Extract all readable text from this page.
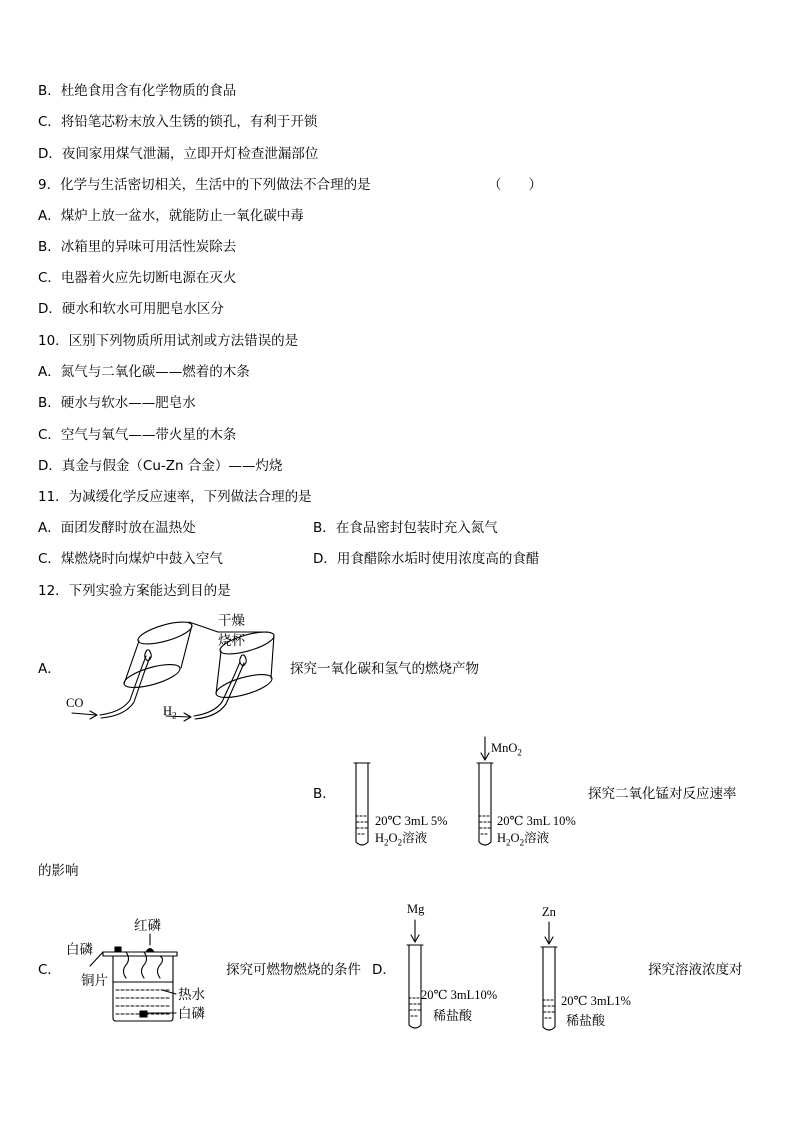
B．杜绝食用含有化学物质的食品
C．将铅笔芯粉末放入生锈的锁孔，有利于开锁
D．夜间家用煤气泄漏，立即开灯检查泄漏部位
9．化学与生活密切相关，生活中的下列做法不合理的是	（　　）
A．煤炉上放一盆水，就能防止一氧化碳中毒
B．冰箱里的异味可用活性炭除去
C．电器着火应先切断电源在灭火
D．硬水和软水可用肥皂水区分
10．区别下列物质所用试剂或方法错误的是
A．氮气与二氧化碳——燃着的木条
B．硬水与软水——肥皂水
C．空气与氧气——带火星的木条
D．真金与假金（Cu-Zn 合金）——灼烧
11．为减缓化学反应速率，下列做法合理的是
A．面团发酵时放在温热处	B．在食品密封包装时充入氮气
C．煤燃烧时向煤炉中鼓入空气	D．用食醋除水垢时使用浓度高的食醋
12．下列实验方案能达到目的是
A．
干燥
烧杯
CO
$H_2$
探究一氧化碳和氢气的燃烧产物
B．
MnO$_2$
20℃ 3mL 5%
$H_2O_2$溶液
20℃ 3mL 10%
$H_2O_2$溶液
探究二氧化锰对反应速率
的影响
C．
红磷
白磷
铜片
热水
白磷
探究可燃物燃烧的条件 D．
Mg	Zn
20℃ 3mL10%
稀盐酸
20℃ 3mL1%
稀盐酸
探究溶液浓度对
